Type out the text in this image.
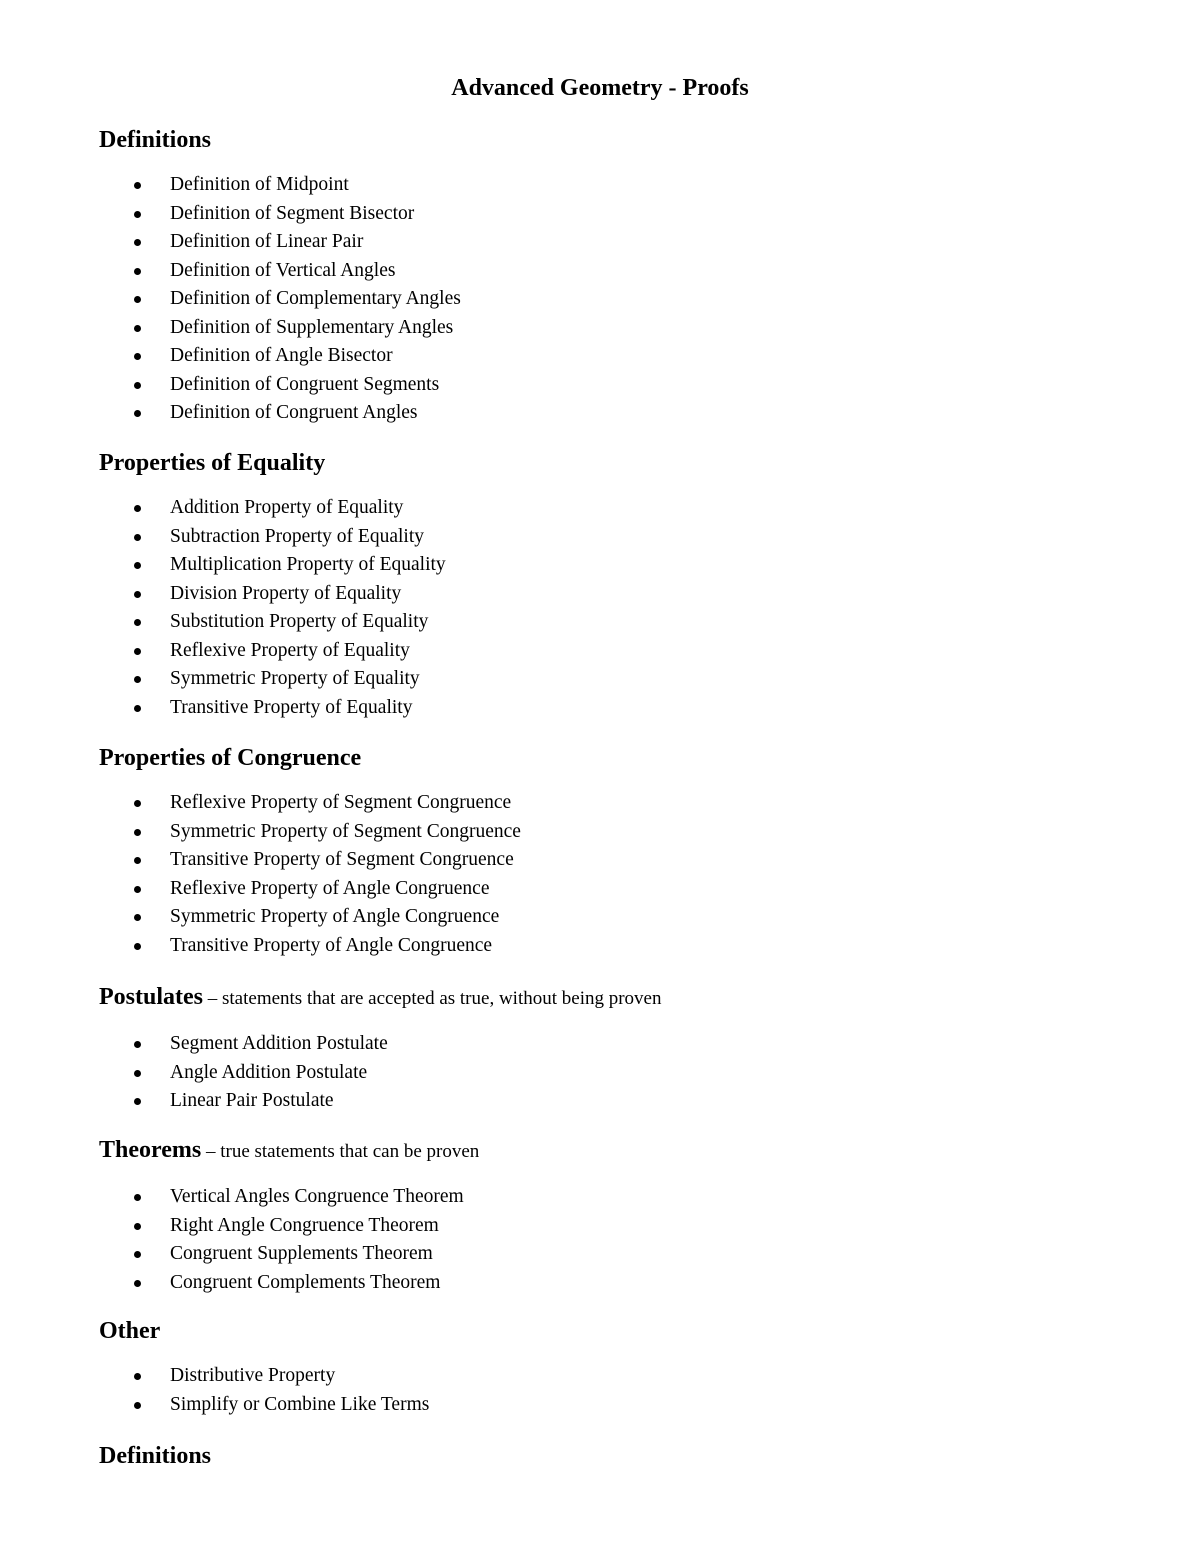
Advanced Geometry - Proofs
Definitions
Definition of Midpoint
Definition of Segment Bisector
Definition of Linear Pair
Definition of Vertical Angles
Definition of Complementary Angles
Definition of Supplementary Angles
Definition of Angle Bisector
Definition of Congruent Segments
Definition of Congruent Angles
Properties of Equality
Addition Property of Equality
Subtraction Property of Equality
Multiplication Property of Equality
Division Property of Equality
Substitution Property of Equality
Reflexive Property of Equality
Symmetric Property of Equality
Transitive Property of Equality
Properties of Congruence
Reflexive Property of Segment Congruence
Symmetric Property of Segment Congruence
Transitive Property of Segment Congruence
Reflexive Property of Angle Congruence
Symmetric Property of Angle Congruence
Transitive Property of Angle Congruence
Postulates – statements that are accepted as true, without being proven
Segment Addition Postulate
Angle Addition Postulate
Linear Pair Postulate
Theorems – true statements that can be proven
Vertical Angles Congruence Theorem
Right Angle Congruence Theorem
Congruent Supplements Theorem
Congruent Complements Theorem
Other
Distributive Property
Simplify or Combine Like Terms
Definitions
